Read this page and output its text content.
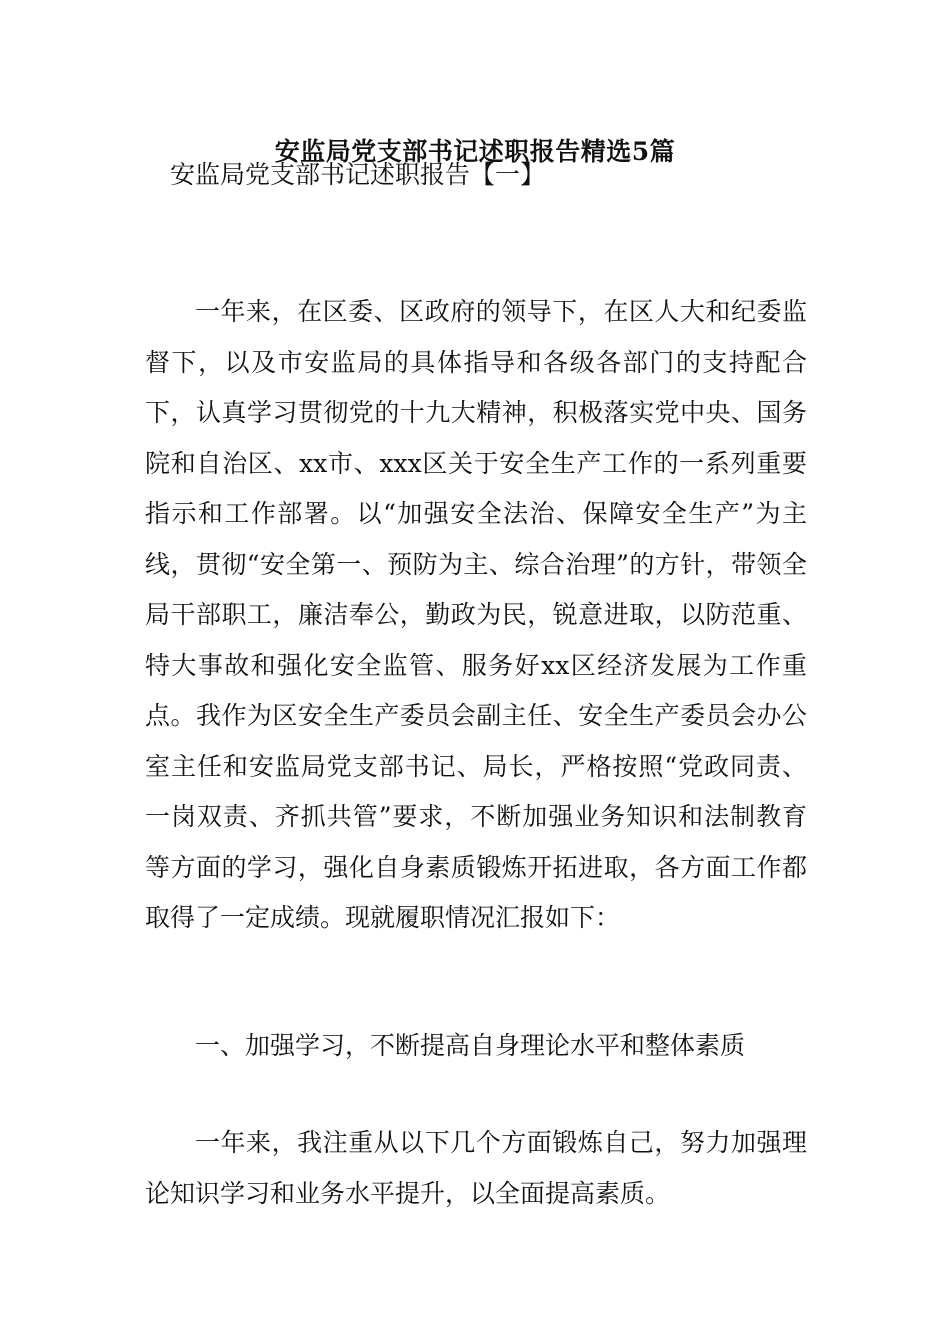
安监局党支部书记述职报告精选5篇
安监局党支部书记述职报告【一】

一年来，在区委、区政府的领导下，在区人大和纪委监督下，以及市安监局的具体指导和各级各部门的支持配合下，认真学习贯彻党的十九大精神，积极落实党中央、国务院和自治区、xx市、xxx区关于安全生产工作的一系列重要指示和工作部署。以“加强安全法治、保障安全生产”为主线，贯彻“安全第一、预防为主、综合治理”的方针，带领全局干部职工，廉洁奉公，勤政为民，锐意进取，以防范重、特大事故和强化安全监管、服务好xx区经济发展为工作重点。我作为区安全生产委员会副主任、安全生产委员会办公室主任和安监局党支部书记、局长，严格按照“党政同责、一岗双责、齐抓共管”要求，不断加强业务知识和法制教育等方面的学习，强化自身素质锻炼开拓进取，各方面工作都取得了一定成绩。现就履职情况汇报如下：

一、加强学习，不断提高自身理论水平和整体素质

一年来，我注重从以下几个方面锻炼自己，努力加强理论知识学习和业务水平提升，以全面提高素质。
